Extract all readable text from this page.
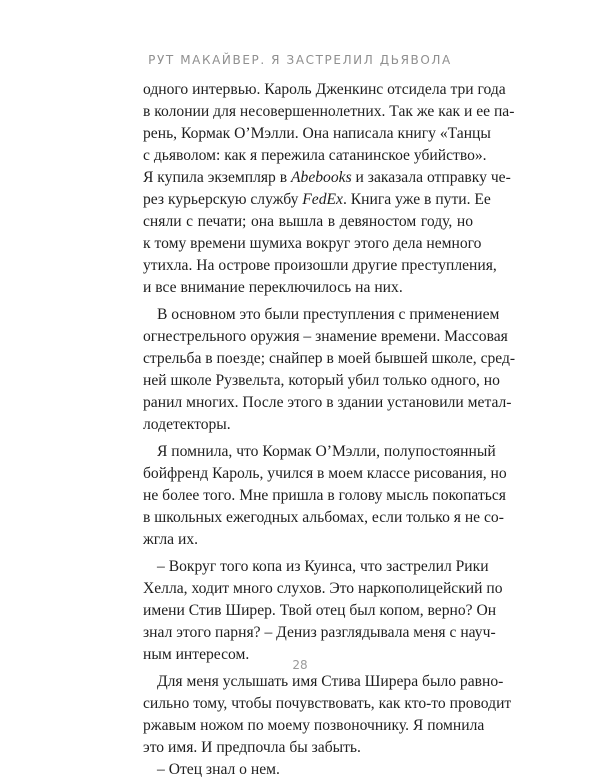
РУТ МАКАЙВЕР. Я ЗАСТРЕЛИЛ ДЬЯВОЛА
одного интервью. Кароль Дженкинс отсидела три года
в колонии для несовершеннолетних. Так же как и ее па-
рень, Кормак О’Мэлли. Она написала книгу «Танцы
с дьяволом: как я пережила сатанинское убийство».
Я купила экземпляр в Abebooks и заказала отправку че-
рез курьерскую службу FedEx. Книга уже в пути. Ее
сняли с печати; она вышла в девяностом году, но
к тому времени шумиха вокруг этого дела немного
утихла. На острове произошли другие преступления,
и все внимание переключилось на них.
В основном это были преступления с применением
огнестрельного оружия – знамение времени. Массовая
стрельба в поезде; снайпер в моей бывшей школе, сред-
ней школе Рузвельта, который убил только одного, но
ранил многих. После этого в здании установили метал-
лодетекторы.
Я помнила, что Кормак О’Мэлли, полупостоянный
бойфренд Кароль, учился в моем классе рисования, но
не более того. Мне пришла в голову мысль покопаться
в школьных ежегодных альбомах, если только я не со-
жгла их.
– Вокруг того копа из Куинса, что застрелил Рики
Хелла, ходит много слухов. Это наркополицейский по
имени Стив Ширер. Твой отец был копом, верно? Он
знал этого парня? – Дениз разглядывала меня с науч-
ным интересом.
Для меня услышать имя Стива Ширера было равно-
сильно тому, чтобы почувствовать, как кто-то проводит
ржавым ножом по моему позвоночнику. Я помнила
это имя. И предпочла бы забыть.
– Отец знал о нем.
28
